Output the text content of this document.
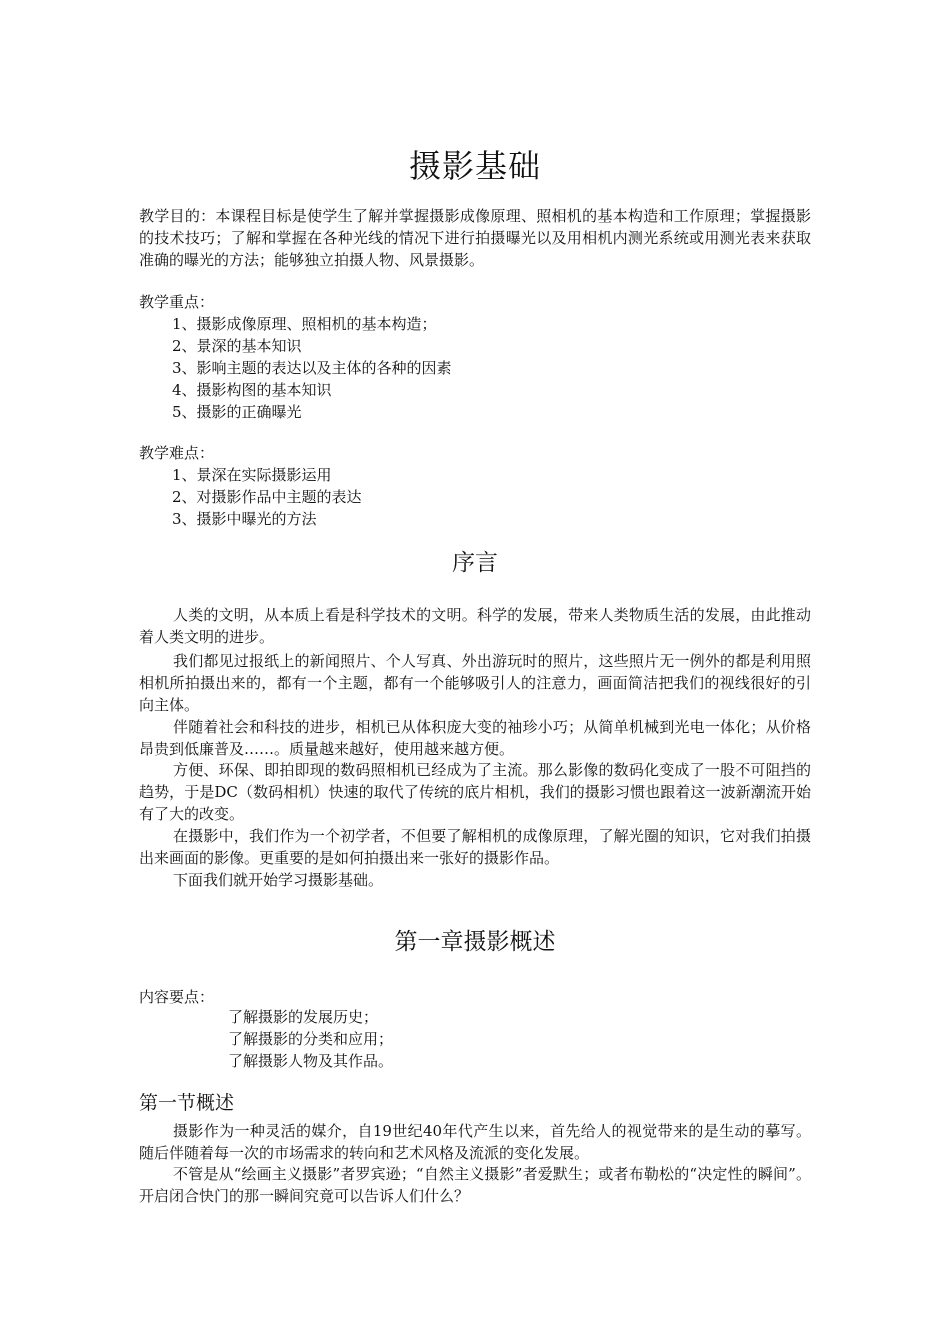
摄影基础

教学目的：本课程目标是使学生了解并掌握摄影成像原理、照相机的基本构造和工作原理；掌握摄影的技术技巧；了解和掌握在各种光线的情况下进行拍摄曝光以及用相机内测光系统或用测光表来获取准确的曝光的方法；能够独立拍摄人物、风景摄影。

教学重点：

1、摄影成像原理、照相机的基本构造；
2、景深的基本知识
3、影响主题的表达以及主体的各种的因素
4、摄影构图的基本知识
5、摄影的正确曝光

教学难点：

1、景深在实际摄影运用
2、对摄影作品中主题的表达
3、摄影中曝光的方法
序言

人类的文明，从本质上看是科学技术的文明。科学的发展，带来人类物质生活的发展，由此推动着人类文明的进步。

我们都见过报纸上的新闻照片、个人写真、外出游玩时的照片，这些照片无一例外的都是利用照相机所拍摄出来的，都有一个主题，都有一个能够吸引人的注意力，画面简洁把我们的视线很好的引向主体。

伴随着社会和科技的进步，相机已从体积庞大变的袖珍小巧；从简单机械到光电一体化；从价格昂贵到低廉普及……。质量越来越好，使用越来越方便。

方便、环保、即拍即现的数码照相机已经成为了主流。那么影像的数码化变成了一股不可阻挡的趋势，于是DC（数码相机）快速的取代了传统的底片相机，我们的摄影习惯也跟着这一波新潮流开始有了大的改变。

在摄影中，我们作为一个初学者，不但要了解相机的成像原理，了解光圈的知识，它对我们拍摄出来画面的影像。更重要的是如何拍摄出来一张好的摄影作品。

下面我们就开始学习摄影基础。

第一章摄影概述

内容要点：

了解摄影的发展历史；
了解摄影的分类和应用；
了解摄影人物及其作品。
第一节概述

摄影作为一种灵活的媒介，自19世纪40年代产生以来，首先给人的视觉带来的是生动的摹写。随后伴随着每一次的市场需求的转向和艺术风格及流派的变化发展。

不管是从“绘画主义摄影”者罗宾逊；“自然主义摄影”者爱默生；或者布勒松的“决定性的瞬间”。开启闭合快门的那一瞬间究竟可以告诉人们什么？
